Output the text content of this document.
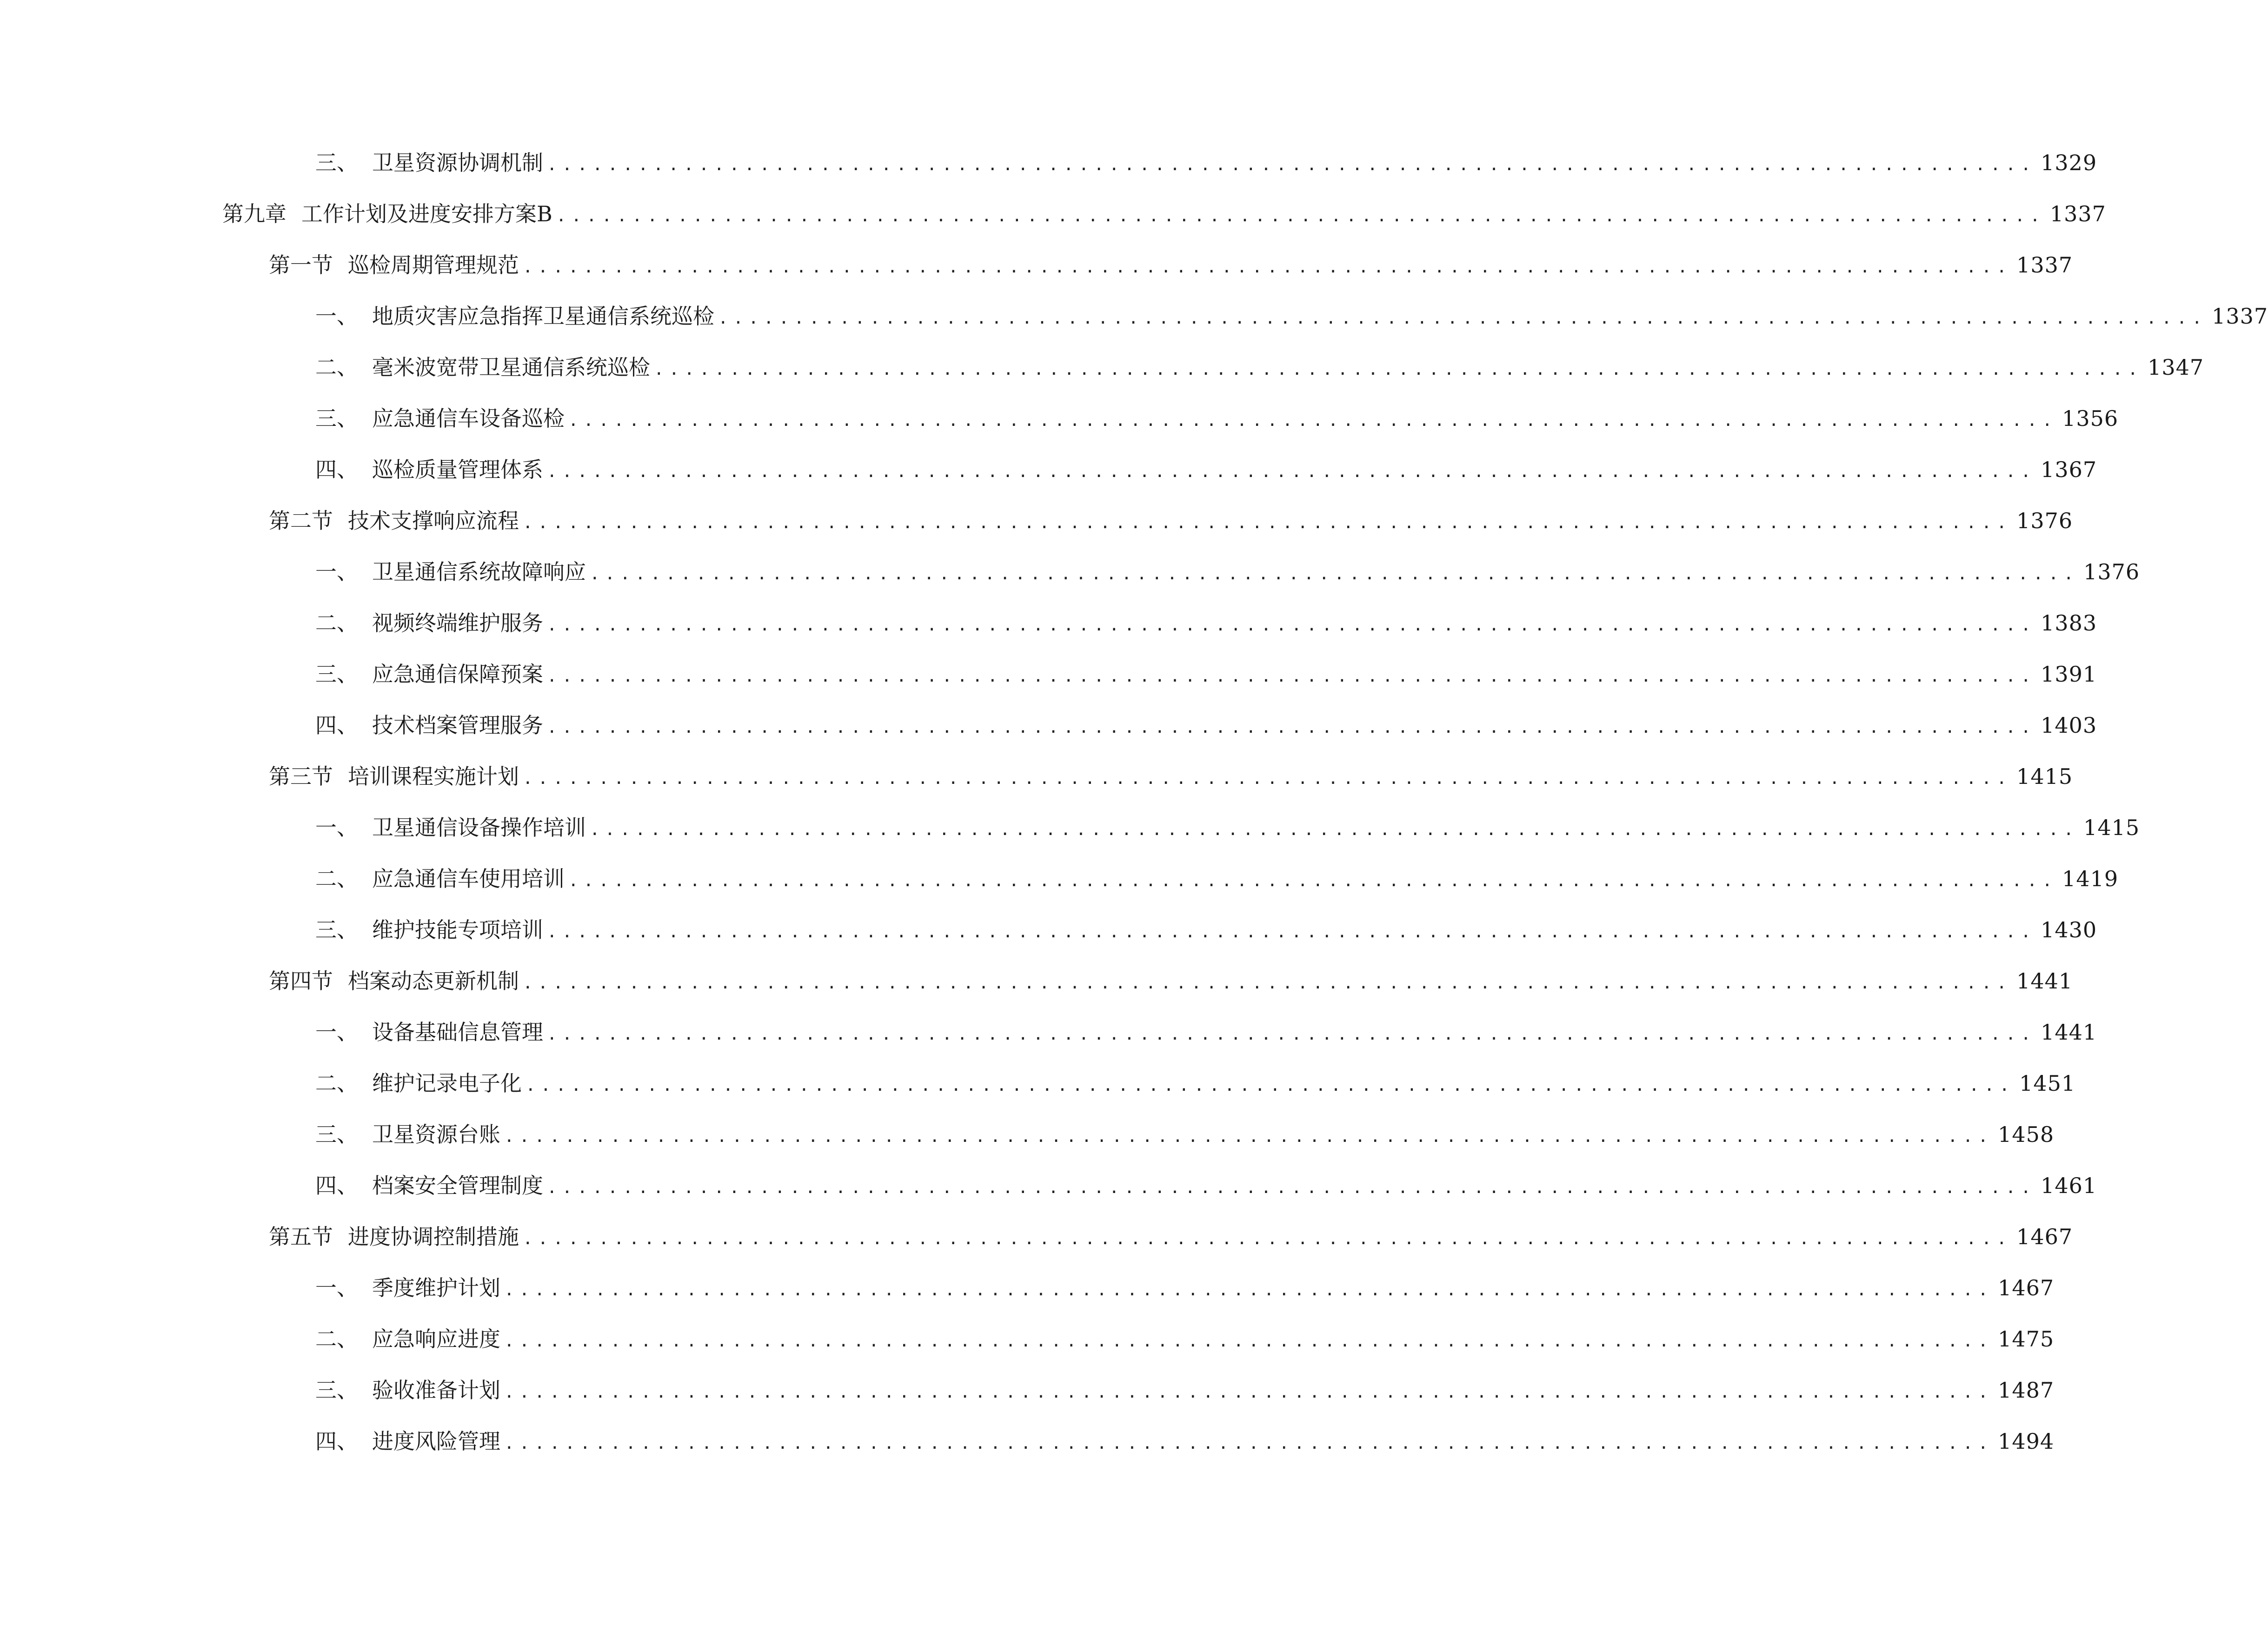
三、 卫星资源协调机制 .................................................................................................. 1329
第九章 工作计划及进度安排方案B .................................................................................................. 1337
第一节 巡检周期管理规范 .................................................................................................. 1337
一、 地质灾害应急指挥卫星通信系统巡检 .................................................................................................. 1337
二、 毫米波宽带卫星通信系统巡检 .................................................................................................. 1347
三、 应急通信车设备巡检 .................................................................................................. 1356
四、 巡检质量管理体系 .................................................................................................. 1367
第二节 技术支撑响应流程 .................................................................................................. 1376
一、 卫星通信系统故障响应 .................................................................................................. 1376
二、 视频终端维护服务 .................................................................................................. 1383
三、 应急通信保障预案 .................................................................................................. 1391
四、 技术档案管理服务 .................................................................................................. 1403
第三节 培训课程实施计划 .................................................................................................. 1415
一、 卫星通信设备操作培训 .................................................................................................. 1415
二、 应急通信车使用培训 .................................................................................................. 1419
三、 维护技能专项培训 .................................................................................................. 1430
第四节 档案动态更新机制 .................................................................................................. 1441
一、 设备基础信息管理 .................................................................................................. 1441
二、 维护记录电子化 .................................................................................................. 1451
三、 卫星资源台账 .................................................................................................. 1458
四、 档案安全管理制度 .................................................................................................. 1461
第五节 进度协调控制措施 .................................................................................................. 1467
一、 季度维护计划 .................................................................................................. 1467
二、 应急响应进度 .................................................................................................. 1475
三、 验收准备计划 .................................................................................................. 1487
四、 进度风险管理 .................................................................................................. 1494
